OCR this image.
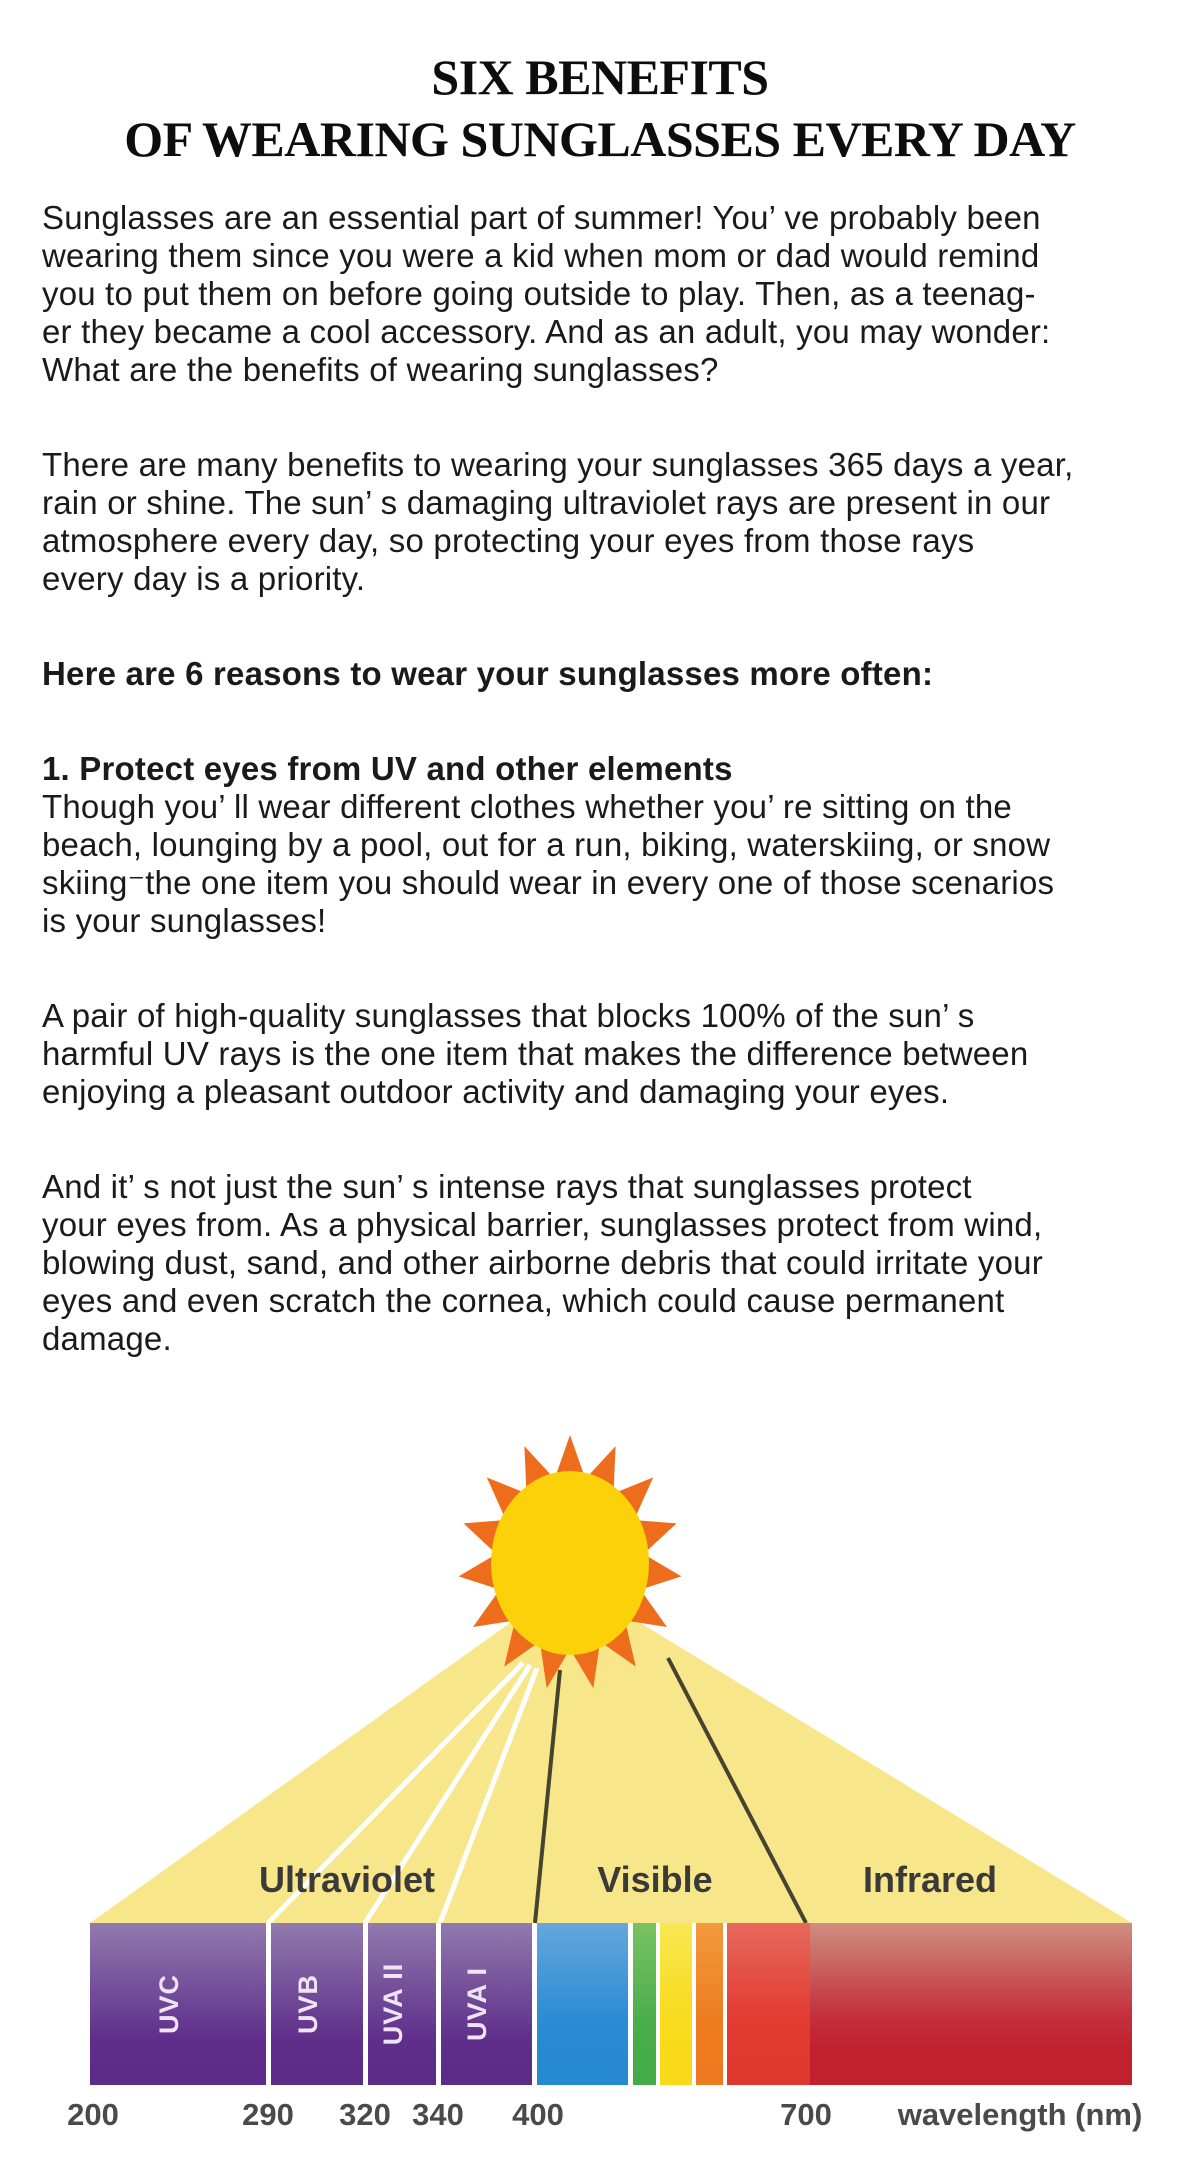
SIX BENEFITS
OF WEARING SUNGLASSES EVERY DAY
Sunglasses are an essential part of summer! You’ ve probably been
wearing them since you were a kid when mom or dad would remind
you to put them on before going outside to play. Then, as a teenag-
er they became a cool accessory. And as an adult, you may wonder:
What are the benefits of wearing sunglasses?
There are many benefits to wearing your sunglasses 365 days a year,
rain or shine. The sun’ s damaging ultraviolet rays are present in our
atmosphere every day, so protecting your eyes from those rays
every day is a priority.
Here are 6 reasons to wear your sunglasses more often:
1. Protect eyes from UV and other elements
Though you’ ll wear different clothes whether you’ re sitting on the
beach, lounging by a pool, out for a run, biking, waterskiing, or snow
skiing⁻the one item you should wear in every one of those scenarios
is your sunglasses!
A pair of high-quality sunglasses that blocks 100% of the sun’ s
harmful UV rays is the one item that makes the difference between
enjoying a pleasant outdoor activity and damaging your eyes.
And it’ s not just the sun’ s intense rays that sunglasses protect
your eyes from. As a physical barrier, sunglasses protect from wind,
blowing dust, sand, and other airborne debris that could irritate your
eyes and even scratch the cornea, which could cause permanent
damage.
Ultraviolet	Visible	Infrared
UVC	UVB UVA II UVA I
200	290 320 340 400	700 wavelength (nm)
